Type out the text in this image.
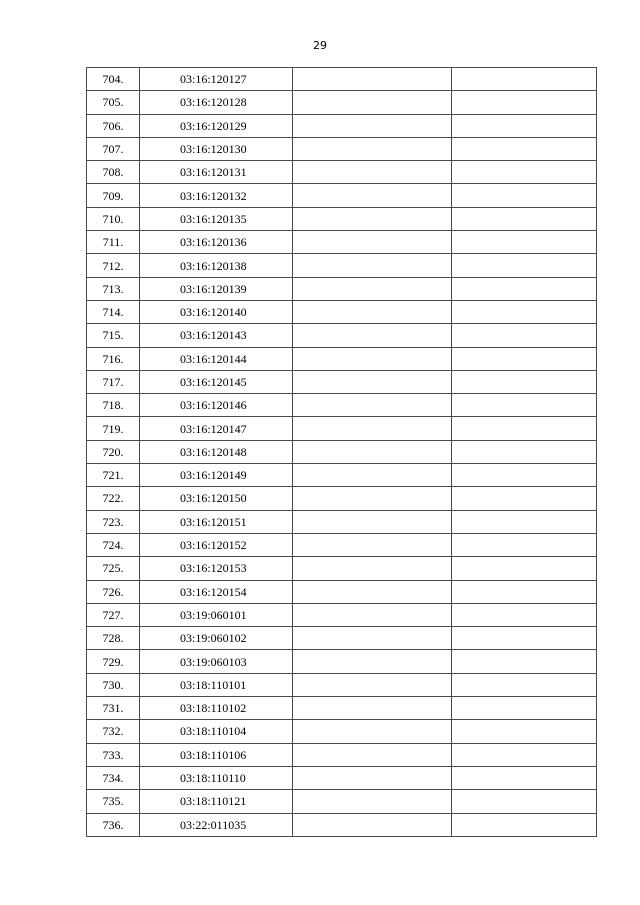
29
704.	03:16:120127		
705.	03:16:120128		
706.	03:16:120129		
707.	03:16:120130		
708.	03:16:120131		
709.	03:16:120132		
710.	03:16:120135		
711.	03:16:120136		
712.	03:16:120138		
713.	03:16:120139		
714.	03:16:120140		
715.	03:16:120143		
716.	03:16:120144		
717.	03:16:120145		
718.	03:16:120146		
719.	03:16:120147		
720.	03:16:120148		
721.	03:16:120149		
722.	03:16:120150		
723.	03:16:120151		
724.	03:16:120152		
725.	03:16:120153		
726.	03:16:120154		
727.	03:19:060101		
728.	03:19:060102		
729.	03:19:060103		
730.	03:18:110101		
731.	03:18:110102		
732.	03:18:110104		
733.	03:18:110106		
734.	03:18:110110		
735.	03:18:110121		
736.	03:22:011035		
